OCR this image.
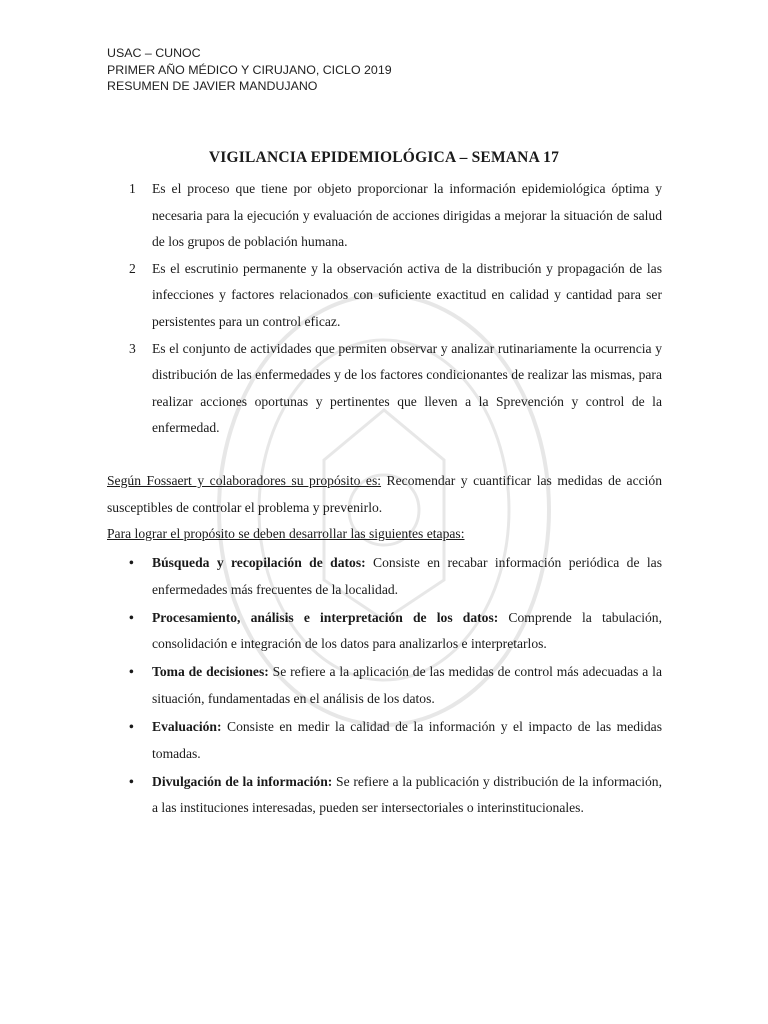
USAC – CUNOC
PRIMER AÑO MÉDICO Y CIRUJANO, CICLO 2019
RESUMEN DE JAVIER MANDUJANO
VIGILANCIA EPIDEMIOLÓGICA – SEMANA 17
1	Es el proceso que tiene por objeto proporcionar la información epidemiológica óptima y necesaria para la ejecución y evaluación de acciones dirigidas a mejorar la situación de salud de los grupos de población humana.
2	Es el escrutinio permanente y la observación activa de la distribución y propagación de las infecciones y factores relacionados con suficiente exactitud en calidad y cantidad para ser persistentes para un control eficaz.
3	Es el conjunto de actividades que permiten observar y analizar rutinariamente la ocurrencia y distribución de las enfermedades y de los factores condicionantes de realizar las mismas, para realizar acciones oportunas y pertinentes que lleven a la Sprevención y control de la enfermedad.

Según Fossaert y colaboradores su propósito es: Recomendar y cuantificar las medidas de acción susceptibles de controlar el problema y prevenirlo.

Para lograr el propósito se deben desarrollar las siguientes etapas:

•	Búsqueda y recopilación de datos: Consiste en recabar información periódica de las enfermedades más frecuentes de la localidad.
•	Procesamiento, análisis e interpretación de los datos: Comprende la tabulación, consolidación e integración de los datos para analizarlos e interpretarlos.
•	Toma de decisiones: Se refiere a la aplicación de las medidas de control más adecuadas a la situación, fundamentadas en el análisis de los datos.
•	Evaluación: Consiste en medir la calidad de la información y el impacto de las medidas tomadas.
•	Divulgación de la información: Se refiere a la publicación y distribución de la información, a las instituciones interesadas, pueden ser intersectoriales o interinstitucionales.
